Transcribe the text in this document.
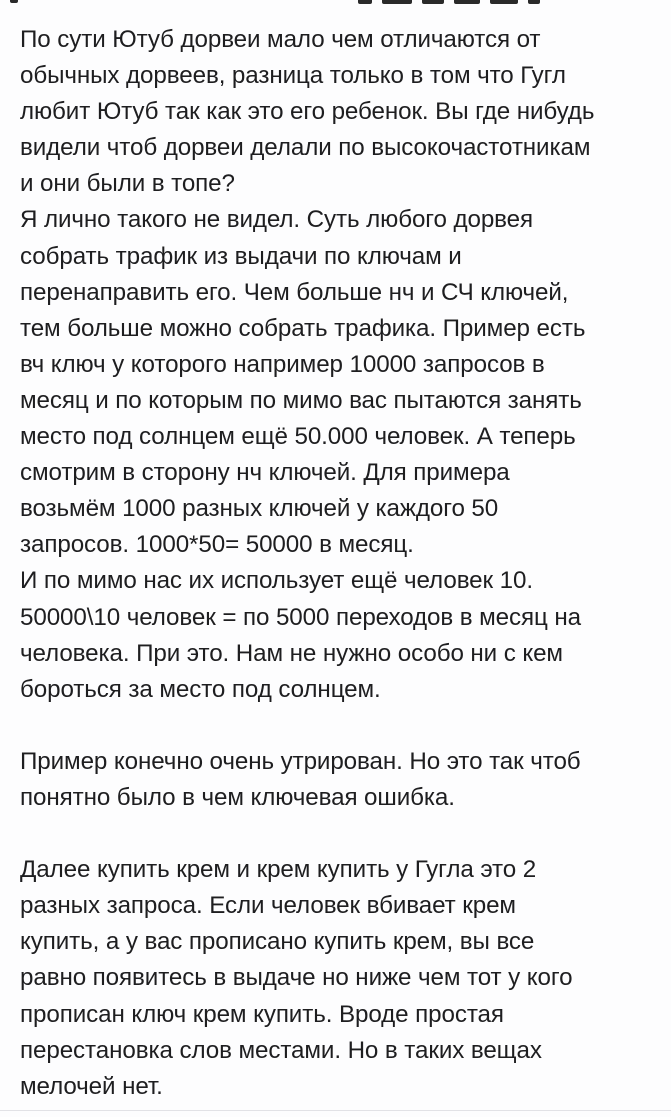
По сути Ютуб дорвеи мало чем отличаются от
обычных дорвеев, разница только в том что Гугл
любит Ютуб так как это его ребенок. Вы где нибудь
видели чтоб дорвеи делали по высокочастотникам
и они были в топе?
Я лично такого не видел. Суть любого дорвея
собрать трафик из выдачи по ключам и
перенаправить его. Чем больше нч и СЧ ключей,
тем больше можно собрать трафика. Пример есть
вч ключ у которого например 10000 запросов в
месяц и по которым по мимо вас пытаются занять
место под солнцем ещё 50.000 человек. А теперь
смотрим в сторону нч ключей. Для примера
возьмём 1000 разных ключей у каждого 50
запросов. 1000*50= 50000 в месяц.
И по мимо нас их использует ещё человек 10.
50000\10 человек = по 5000 переходов в месяц на
человека. При это. Нам не нужно особо ни с кем
бороться за место под солнцем.

Пример конечно очень утрирован. Но это так чтоб
понятно было в чем ключевая ошибка.

Далее купить крем и крем купить у Гугла это 2
разных запроса. Если человек вбивает крем
купить, а у вас прописано купить крем, вы все
равно появитесь в выдаче но ниже чем тот у кого
прописан ключ крем купить. Вроде простая
перестановка слов местами. Но в таких вещах
мелочей нет.
